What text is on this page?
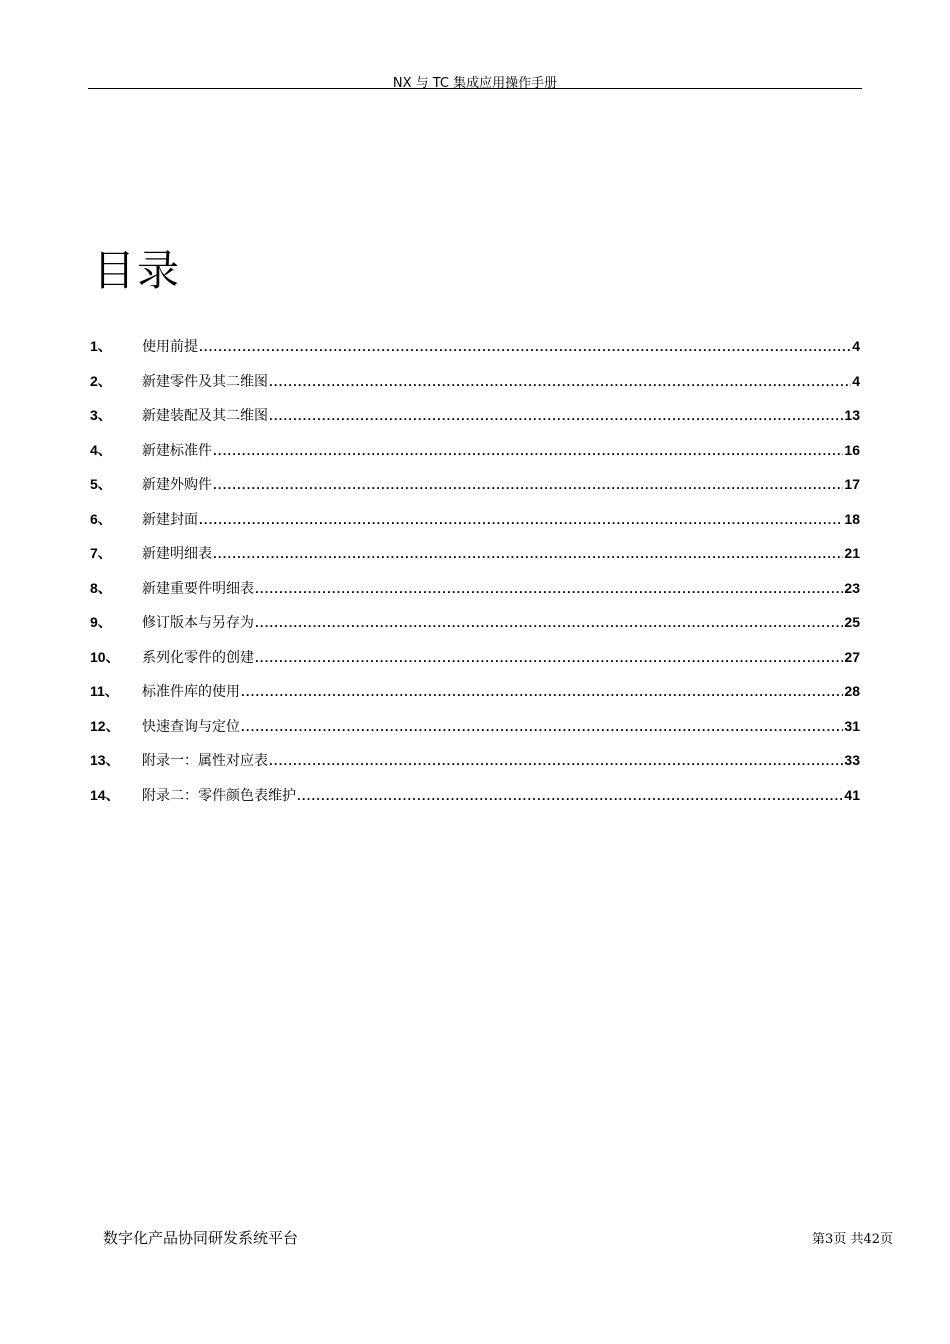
NX 与 TC 集成应用操作手册
目录
1、	使用前提 .....	4
2、	新建零件及其二维图 .....	4
3、	新建装配及其二维图 .....	13
4、	新建标准件 .....	16
5、	新建外购件 .....	17
6、	新建封面 .....	18
7、	新建明细表 .....	21
8、	新建重要件明细表 .....	23
9、	修订版本与另存为 .....	25
10、	系列化零件的创建 .....	27
11、	标准件库的使用 .....	28
12、	快速查询与定位 .....	31
13、	附录一：属性对应表 .....	33
14、	附录二：零件颜色表维护 .....	41
数字化产品协同研发系统平台	第3页 共42页
